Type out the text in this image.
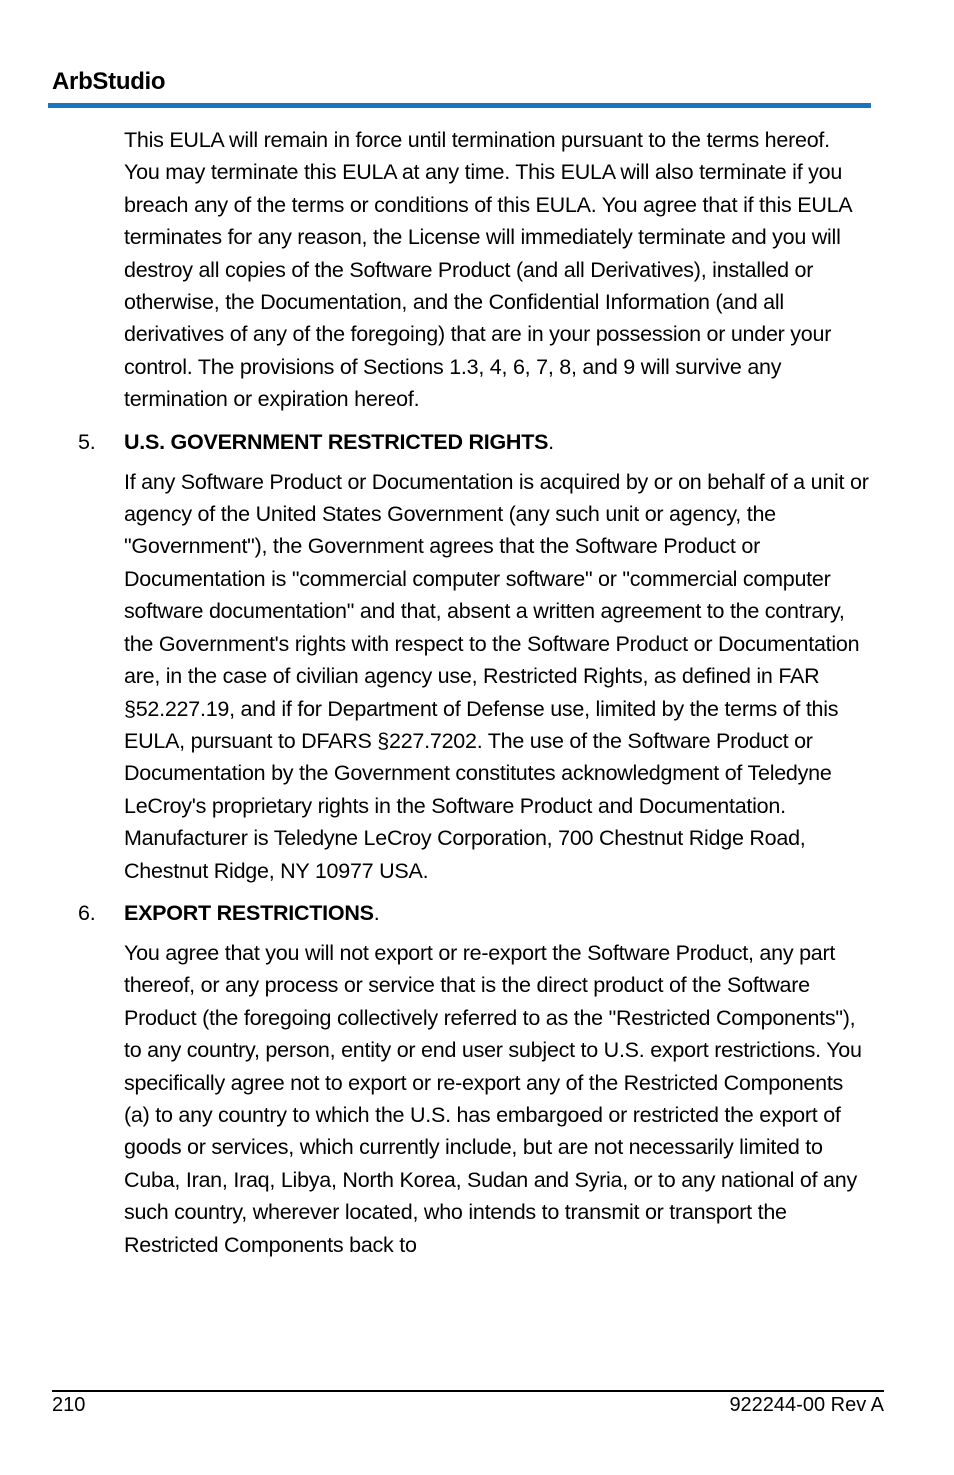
ArbStudio

This EULA will remain in force until termination pursuant to the terms hereof. You may terminate this EULA at any time. This EULA will also terminate if you breach any of the terms or conditions of this EULA. You agree that if this EULA terminates for any reason, the License will immediately terminate and you will destroy all copies of the Software Product (and all Derivatives), installed or otherwise, the Documentation, and the Confidential Information (and all derivatives of any of the foregoing) that are in your possession or under your control. The provisions of Sections 1.3, 4, 6, 7, 8, and 9 will survive any termination or expiration hereof.

5. U.S. GOVERNMENT RESTRICTED RIGHTS.

If any Software Product or Documentation is acquired by or on behalf of a unit or agency of the United States Government (any such unit or agency, the "Government"), the Government agrees that the Software Product or Documentation is "commercial computer software" or "commercial computer software documentation" and that, absent a written agreement to the contrary, the Government's rights with respect to the Software Product or Documentation are, in the case of civilian agency use, Restricted Rights, as defined in FAR §52.227.19, and if for Department of Defense use, limited by the terms of this EULA, pursuant to DFARS §227.7202. The use of the Software Product or Documentation by the Government constitutes acknowledgment of Teledyne LeCroy's proprietary rights in the Software Product and Documentation. Manufacturer is Teledyne LeCroy Corporation, 700 Chestnut Ridge Road, Chestnut Ridge, NY 10977 USA.

6. EXPORT RESTRICTIONS.

You agree that you will not export or re-export the Software Product, any part thereof, or any process or service that is the direct product of the Software Product (the foregoing collectively referred to as the "Restricted Components"), to any country, person, entity or end user subject to U.S. export restrictions. You specifically agree not to export or re-export any of the Restricted Components (a) to any country to which the U.S. has embargoed or restricted the export of goods or services, which currently include, but are not necessarily limited to Cuba, Iran, Iraq, Libya, North Korea, Sudan and Syria, or to any national of any such country, wherever located, who intends to transmit or transport the Restricted Components back to

210	922244-00 Rev A
